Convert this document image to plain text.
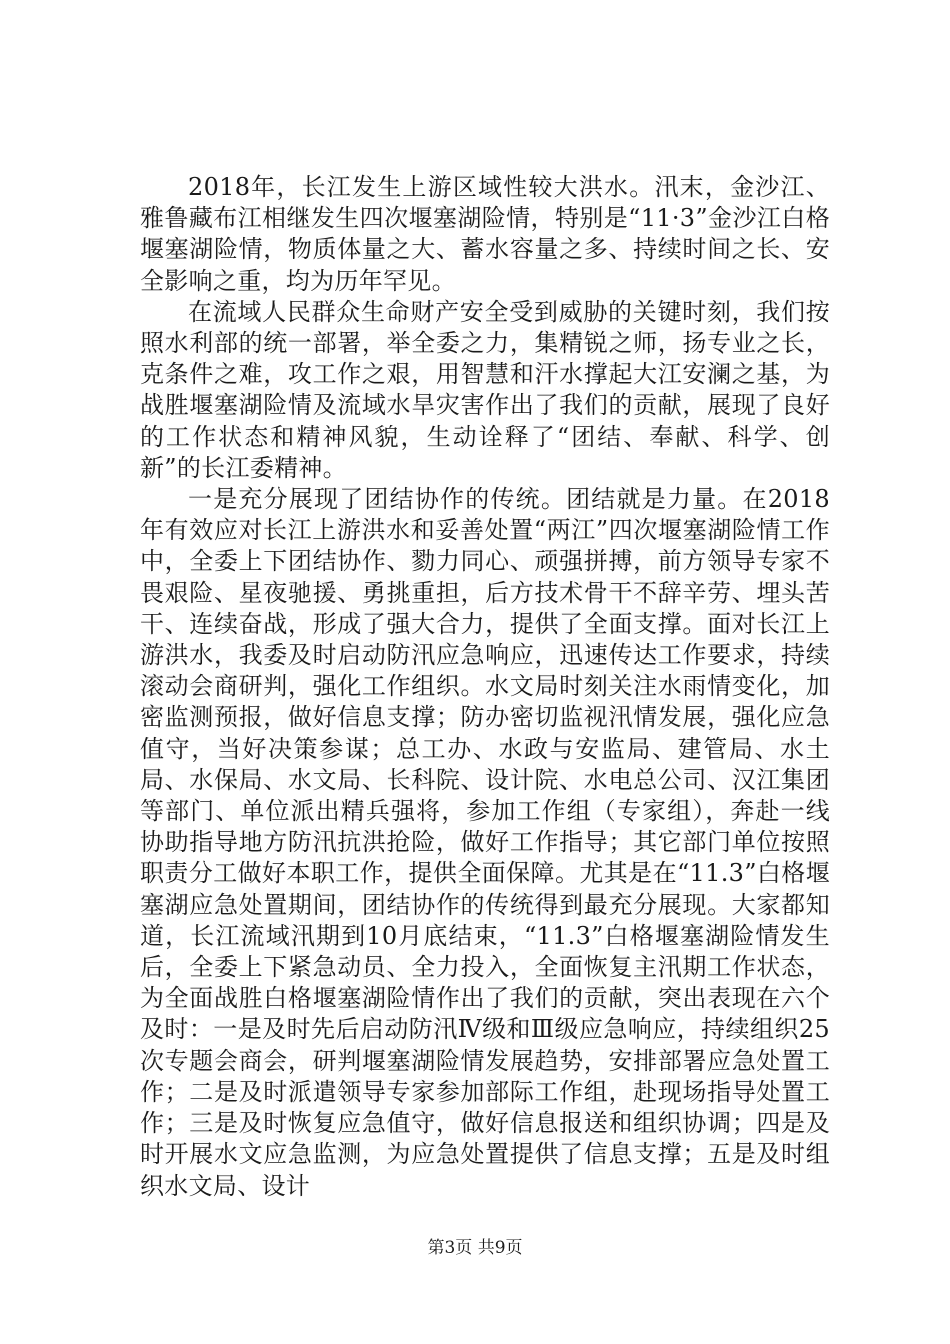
2018年，长江发生上游区域性较大洪水。汛末，金沙江、雅鲁藏布江相继发生四次堰塞湖险情，特别是“11·3”金沙江白格堰塞湖险情，物质体量之大、蓄水容量之多、持续时间之长、安全影响之重，均为历年罕见。

在流域人民群众生命财产安全受到威胁的关键时刻，我们按照水利部的统一部署，举全委之力，集精锐之师，扬专业之长，克条件之难，攻工作之艰，用智慧和汗水撑起大江安澜之基，为战胜堰塞湖险情及流域水旱灾害作出了我们的贡献，展现了良好的工作状态和精神风貌，生动诠释了“团结、奉献、科学、创新”的长江委精神。

一是充分展现了团结协作的传统。团结就是力量。在2018年有效应对长江上游洪水和妥善处置“两江”四次堰塞湖险情工作中，全委上下团结协作、勠力同心、顽强拼搏，前方领导专家不畏艰险、星夜驰援、勇挑重担，后方技术骨干不辞辛劳、埋头苦干、连续奋战，形成了强大合力，提供了全面支撑。面对长江上游洪水，我委及时启动防汛应急响应，迅速传达工作要求，持续滚动会商研判，强化工作组织。水文局时刻关注水雨情变化，加密监测预报，做好信息支撑；防办密切监视汛情发展，强化应急值守，当好决策参谋；总工办、水政与安监局、建管局、水土局、水保局、水文局、长科院、设计院、水电总公司、汉江集团等部门、单位派出精兵强将，参加工作组（专家组），奔赴一线协助指导地方防汛抗洪抢险，做好工作指导；其它部门单位按照职责分工做好本职工作，提供全面保障。尤其是在“11.3”白格堰塞湖应急处置期间，团结协作的传统得到最充分展现。大家都知道，长江流域汛期到10月底结束，“11.3”白格堰塞湖险情发生后，全委上下紧急动员、全力投入，全面恢复主汛期工作状态，为全面战胜白格堰塞湖险情作出了我们的贡献，突出表现在六个及时：一是及时先后启动防汛Ⅳ级和Ⅲ级应急响应，持续组织25次专题会商会，研判堰塞湖险情发展趋势，安排部署应急处置工作；二是及时派遣领导专家参加部际工作组，赴现场指导处置工作；三是及时恢复应急值守，做好信息报送和组织协调；四是及时开展水文应急监测，为应急处置提供了信息支撑；五是及时组织水文局、设计

第3页 共9页
